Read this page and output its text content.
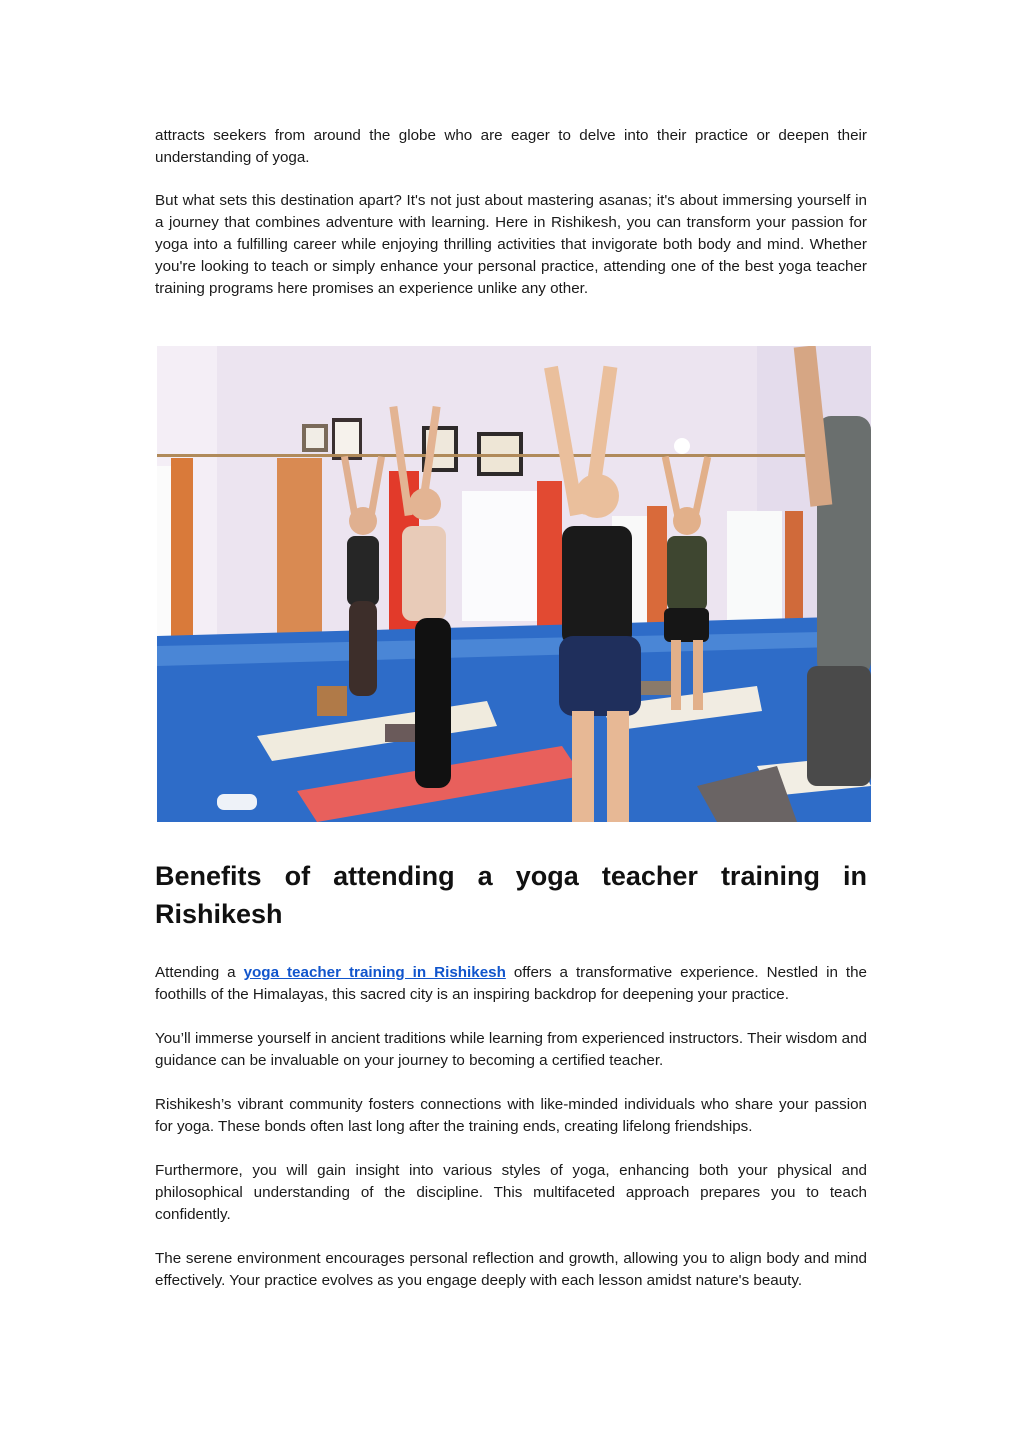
attracts seekers from around the globe who are eager to delve into their practice or deepen their understanding of yoga.

But what sets this destination apart? It's not just about mastering asanas; it's about immersing yourself in a journey that combines adventure with learning. Here in Rishikesh, you can transform your passion for yoga into a fulfilling career while enjoying thrilling activities that invigorate both body and mind. Whether you're looking to teach or simply enhance your personal practice, attending one of the best yoga teacher training programs here promises an experience unlike any other.

Benefits of attending a yoga teacher training in Rishikesh

Attending a yoga teacher training in Rishikesh offers a transformative experience. Nestled in the foothills of the Himalayas, this sacred city is an inspiring backdrop for deepening your practice.

You’ll immerse yourself in ancient traditions while learning from experienced instructors. Their wisdom and guidance can be invaluable on your journey to becoming a certified teacher.

Rishikesh’s vibrant community fosters connections with like-minded individuals who share your passion for yoga. These bonds often last long after the training ends, creating lifelong friendships.

Furthermore, you will gain insight into various styles of yoga, enhancing both your physical and philosophical understanding of the discipline. This multifaceted approach prepares you to teach confidently.

The serene environment encourages personal reflection and growth, allowing you to align body and mind effectively. Your practice evolves as you engage deeply with each lesson amidst nature's beauty.
